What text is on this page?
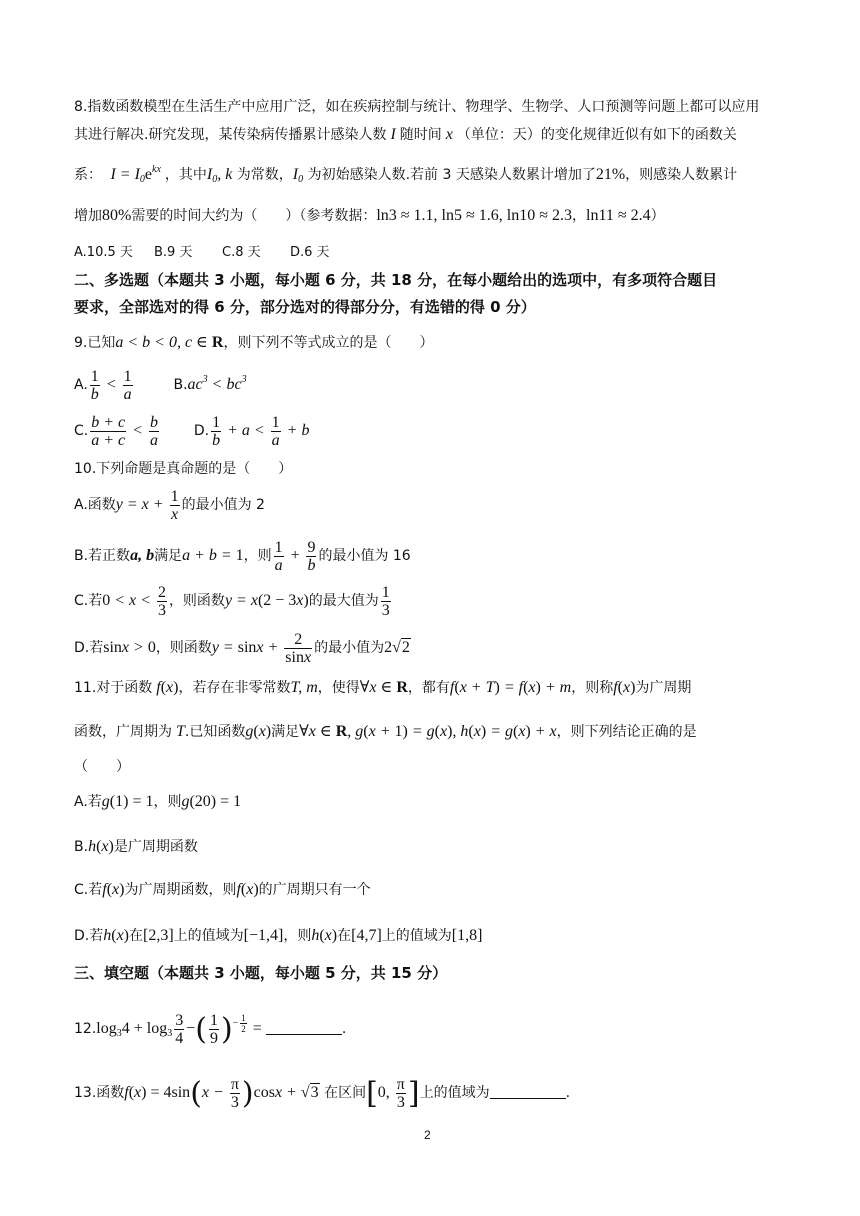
8.指数函数模型在生活生产中应用广泛，如在疾病控制与统计、物理学、生物学、人口预测等问题上都可以应用
其进行解决.研究发现，某传染病传播累计感染人数 I 随时间 x （单位：天）的变化规律近似有如下的函数关
系：  $I = I_0e^{kx}$ ，其中$I_0$, k 为常数，$I_0$ 为初始感染人数.若前 3 天感染人数累计增加了21%，则感染人数累计
增加80%需要的时间大约为（　　）（参考数据：ln3 ≈ 1.1, ln5 ≈ 1.6, ln10 ≈ 2.3，ln11 ≈ 2.4）
A.10.5 天 B.9 天 C.8 天 D.6 天
二、多选题（本题共 3 小题，每小题 6 分，共 18 分，在每小题给出的选项中，有多项符合题目
要求，全部选对的得 6 分，部分选对的得部分分，有选错的得 0 分）
9.已知a < b < 0, c ∈ R，则下列不等式成立的是（　　）
A. $\frac{1}{b} < \frac{1}{a}$	$B.ac^3 < bc^3$
C. $\frac{b + c}{a + c} < \frac{b}{a} D$. $\frac{1}{b} + a < \frac{1}{a} + b$
10.下列命题是真命题的是（　　）
A.函数$y = x + \frac{1}{x}$ 的最小值为 2
B.若正数a, b满足a + b = 1，则 $\frac{1}{a} + \frac{9}{b}$ 的最小值为 16
C.若$0 < x < \frac{2}{3}$ ，则函数y = x(2 − 3x)的最大值为 $\frac{1}{3}$
D.若sinx > 0，则函数$y = \sin x + \frac{2}{\sin x}$ 的最小值为2√2
11.对于函数 f(x)，若存在非零常数T, m，使得∀x ∈ R，都有f(x + T) = f(x) + m，则称f(x)为广周期
函数，广周期为 T.已知函数g(x)满足∀x ∈ R, g(x + 1) = g(x), h(x) = g(x) + x，则下列结论正确的是
（　　）
A.若g(1) = 1，则g(20) = 1
B.h(x)是广周期函数
C.若f(x)为广周期函数，则f(x)的广周期只有一个
D.若h(x)在[2,3]上的值域为[−1,4]，则h(x)在[4,7]上的值域为[1,8]
三、填空题（本题共 3 小题，每小题 5 分，共 15 分）
$12.\log_34 + \log_3 \frac{3}{4}$ −( $\frac{1}{9} )^{- \frac{1}{2}}$ =	.
13.函数$f(x) = 4\sin(x - \frac{\pi}{3} )\cos x + √3$ 在区间[0, $\frac{\pi}{3}$ ]上的值域为	.
2
